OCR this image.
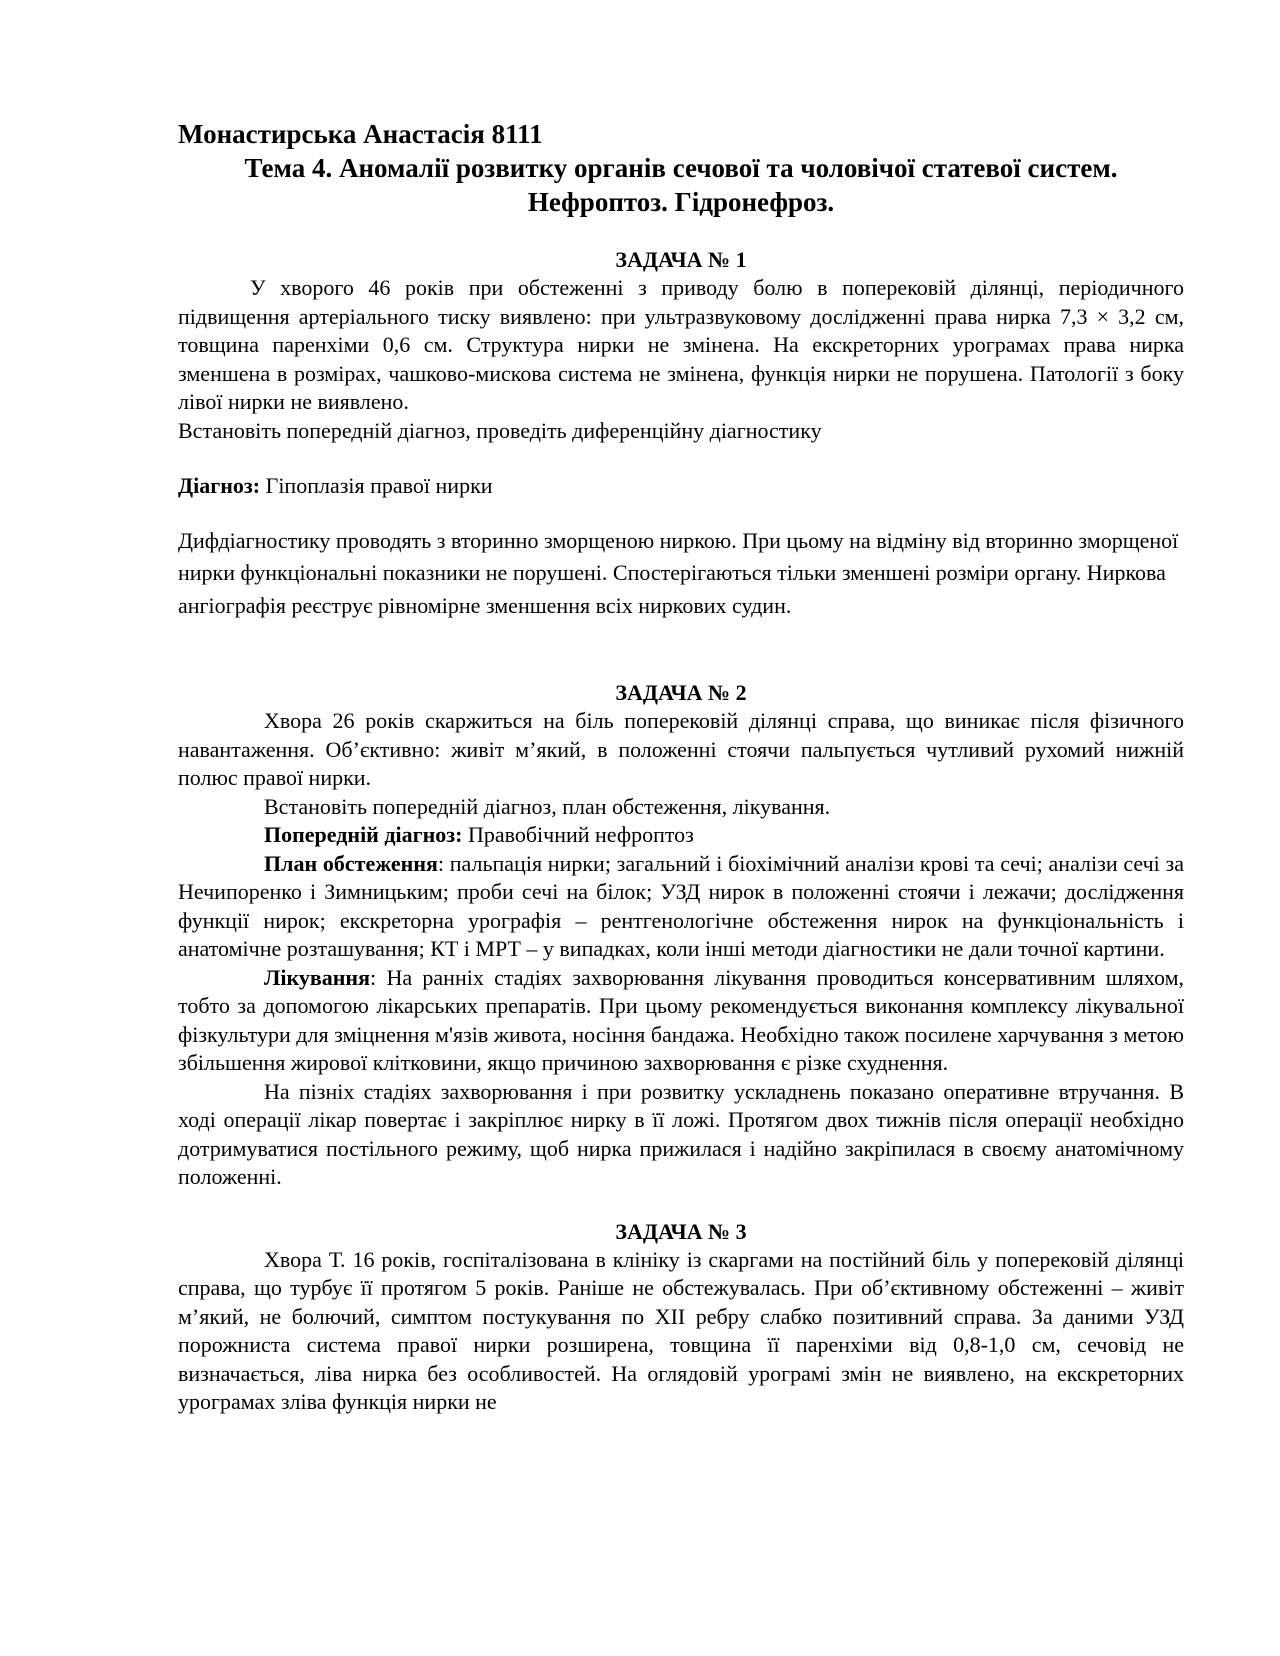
Монастирська Анастасія 8111
Тема 4. Аномалії розвитку органів сечової та чоловічої статевої систем.
Нефроптоз. Гідронефроз.
ЗАДАЧА № 1

У хворого 46 років при обстеженні з приводу болю в поперековій ділянці, періодичного підвищення артеріального тиску виявлено: при ультразвуковому дослідженні права нирка 7,3 × 3,2 см, товщина паренхіми 0,6 см. Структура нирки не змінена. На екскреторних урограмах права нирка зменшена в розмірах, чашково-мискова система не змінена, функція нирки не порушена. Патології з боку лівої нирки не виявлено.

Встановіть попередній діагноз, проведіть диференційну діагностику

Діагноз: Гіпоплазія правої нирки

Дифдіагностику проводять з вторинно зморщеною ниркою. При цьому на відміну від вторинно зморщеної нирки функціональні показники не порушені. Спостерігаються тільки зменшені розміри органу. Ниркова ангіографія реєструє рівномірне зменшення всіх ниркових судин.

ЗАДАЧА № 2

Хвора 26 років скаржиться на біль поперековій ділянці справа, що виникає після фізичного навантаження. Об’єктивно: живіт м’який, в положенні стоячи пальпується чутливий рухомий нижній полюс правої нирки.

Встановіть попередній діагноз, план обстеження, лікування.

Попередній діагноз: Правобічний нефроптоз

План обстеження: пальпація нирки; загальний і біохімічний аналізи крові та сечі; аналізи сечі за Нечипоренко і Зимницьким; проби сечі на білок; УЗД нирок в положенні стоячи і лежачи; дослідження функції нирок; екскреторна урографія – рентгенологічне обстеження нирок на функціональність і анатомічне розташування; КТ і МРТ – у випадках, коли інші методи діагностики не дали точної картини.

Лікування: На ранніх стадіях захворювання лікування проводиться консервативним шляхом, тобто за допомогою лікарських препаратів. При цьому рекомендується виконання комплексу лікувальної фізкультури для зміцнення м'язів живота, носіння бандажа. Необхідно також посилене харчування з метою збільшення жирової клітковини, якщо причиною захворювання є різке схуднення.

На пізніх стадіях захворювання і при розвитку ускладнень показано оперативне втручання. В ході операції лікар повертає і закріплює нирку в її ложі. Протягом двох тижнів після операції необхідно дотримуватися постільного режиму, щоб нирка прижилася і надійно закріпилася в своєму анатомічному положенні.

ЗАДАЧА № 3

Хвора Т. 16 років, госпіталізована в клініку із скаргами на постійний біль у поперековій ділянці справа, що турбує її протягом 5 років. Раніше не обстежувалась. При об’єктивному обстеженні – живіт м’який, не болючий, симптом постукування по XII ребру слабко позитивний справа. За даними УЗД порожниста система правої нирки розширена, товщина її паренхіми від 0,8-1,0 см, сечовід не визначається, ліва нирка без особливостей. На оглядовій урограмі змін не виявлено, на екскреторних урограмах зліва функція нирки не
